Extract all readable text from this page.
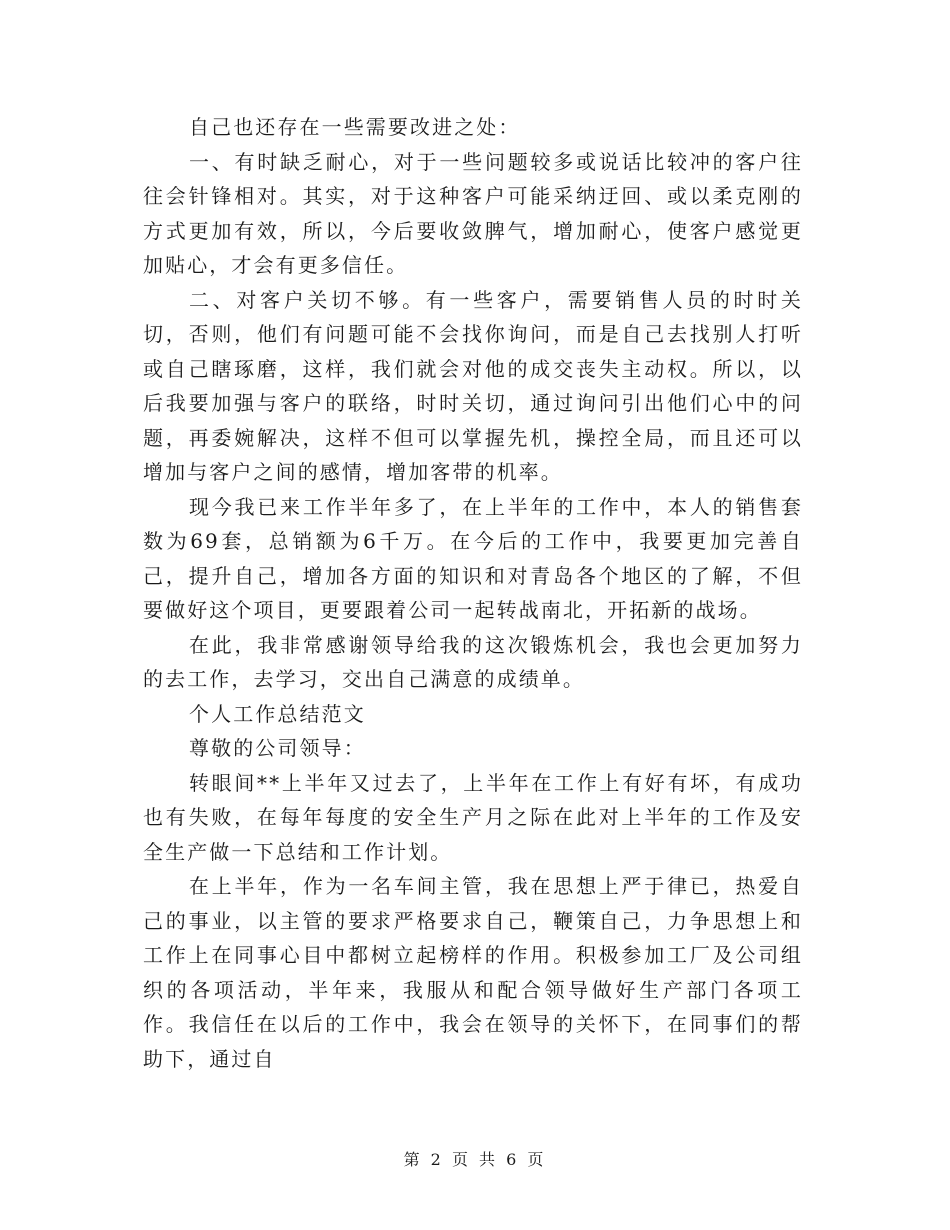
自己也还存在一些需要改进之处：

一、有时缺乏耐心，对于一些问题较多或说话比较冲的客户往往会针锋相对。其实，对于这种客户可能采纳迂回、或以柔克刚的方式更加有效，所以，今后要收敛脾气，增加耐心，使客户感觉更加贴心，才会有更多信任。

二、对客户关切不够。有一些客户，需要销售人员的时时关切，否则，他们有问题可能不会找你询问，而是自己去找别人打听或自己瞎琢磨，这样，我们就会对他的成交丧失主动权。所以，以后我要加强与客户的联络，时时关切，通过询问引出他们心中的问题，再委婉解决，这样不但可以掌握先机，操控全局，而且还可以增加与客户之间的感情，增加客带的机率。

现今我已来工作半年多了，在上半年的工作中，本人的销售套数为69套，总销额为6千万。在今后的工作中，我要更加完善自己，提升自己，增加各方面的知识和对青岛各个地区的了解，不但要做好这个项目，更要跟着公司一起转战南北，开拓新的战场。

在此，我非常感谢领导给我的这次锻炼机会，我也会更加努力的去工作，去学习，交出自己满意的成绩单。

个人工作总结范文

尊敬的公司领导：

转眼间**上半年又过去了，上半年在工作上有好有坏，有成功也有失败，在每年每度的安全生产月之际在此对上半年的工作及安全生产做一下总结和工作计划。

在上半年，作为一名车间主管，我在思想上严于律已，热爱自己的事业，以主管的要求严格要求自己，鞭策自己，力争思想上和工作上在同事心目中都树立起榜样的作用。积极参加工厂及公司组织的各项活动，半年来，我服从和配合领导做好生产部门各项工作。我信任在以后的工作中，我会在领导的关怀下，在同事们的帮助下，通过自

第 2 页 共 6 页
